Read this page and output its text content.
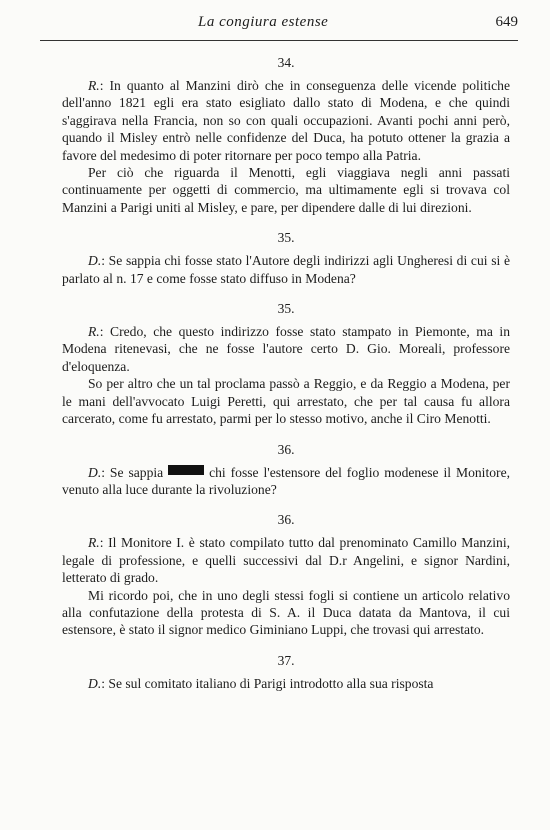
La congiura estense	649
34.

R.: In quanto al Manzini dirò che in conseguenza delle vicende politiche dell'anno 1821 egli era stato esigliato dallo stato di Modena, e che quindi s'aggirava nella Francia, non so con quali occupazioni. Avanti pochi anni però, quando il Misley entrò nelle confidenze del Duca, ha potuto ottener la grazia a favore del medesimo di poter ritornare per poco tempo alla Patria.

Per ciò che riguarda il Menotti, egli viaggiava negli anni passati continuamente per oggetti di commercio, ma ultimamente egli si trovava col Manzini a Parigi uniti al Misley, e pare, per dipendere dalle di lui direzioni.

35.

D.: Se sappia chi fosse stato l'Autore degli indirizzi agli Ungheresi di cui si è parlato al n. 17 e come fosse stato diffuso in Modena?

35.

R.: Credo, che questo indirizzo fosse stato stampato in Piemonte, ma in Modena ritenevasi, che ne fosse l'autore certo D. Gio. Moreali, professore d'eloquenza.

So per altro che un tal proclama passò a Reggio, e da Reggio a Modena, per le mani dell'avvocato Luigi Peretti, qui arrestato, che per tal causa fu allora carcerato, come fu arrestato, parmi per lo stesso motivo, anche il Ciro Menotti.

36.

D.: Se sappia	chi fosse l'estensore del foglio modenese il Monitore, venuto alla luce durante la rivoluzione?

36.

R.: Il Monitore I. è stato compilato tutto dal prenominato Camillo Manzini, legale di professione, e quelli successivi dal D.r Angelini, e signor Nardini, letterato di grado.

Mi ricordo poi, che in uno degli stessi fogli si contiene un articolo relativo alla confutazione della protesta di S. A. il Duca datata da Mantova, il cui estensore, è stato il signor medico Giminiano Luppi, che trovasi qui arrestato.

37.

D.: Se sul comitato italiano di Parigi introdotto alla sua risposta
